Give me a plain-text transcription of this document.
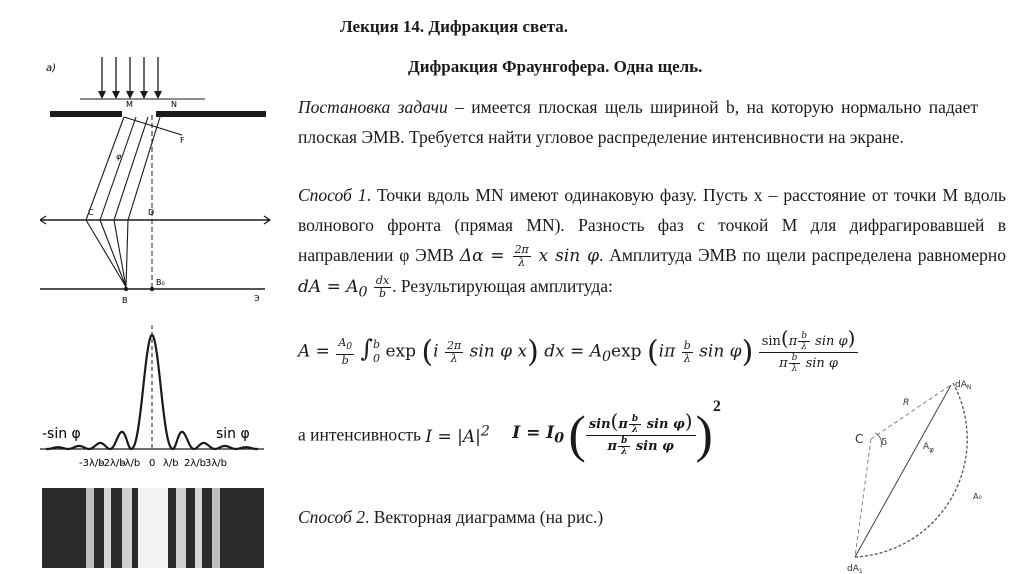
Лекция 14. Дифракция света.
Дифракция Фраунгофера. Одна щель.
Постановка задачи – имеется плоская щель шириной b, на которую нормально падает плоская ЭМВ. Требуется найти угловое распределение интенсивности на экране.
Способ 1. Точки вдоль MN имеют одинаковую фазу. Пусть x – расстояние от точки M вдоль волнового фронта (прямая MN). Разность фаз с точкой M для дифрагировавшей в направлении φ ЭМВ $\Delta\alpha = \frac{2\pi}{\lambda}$ x sin φ. Амплитуда ЭМВ по щели распределена равномерно dA = $A_0 \frac{dx}{b}$ . Результирующая амплитуда:
$A = \frac{A_0}{b}$ ∫ b
0 $\exp (i \frac{2\pi}{\lambda}$ sin φ x) dx = $A_0\exp$ ($i\pi \frac{b}{\lambda}$ sin φ) $\sin(\pi \frac{b}{\lambda}$ sin φ)
π $\frac{b}{\lambda}$ sin φ
а интенсивность $I = |A|^2$ $I = I_0$ ( $\sin(\pi \frac{b}{\lambda}$ sin φ)
π $\frac{b}{\lambda}$ sin φ )$^2$
Способ 2. Векторная диаграмма (на рис.)
а)
M	N
F
φ
C	D
B
B₀
Э
-sin φ	sin φ
-3λ/b
-2λ/b
-λ/b 0 λ/b 2λ/b 3λ/b
$dA_N$
R
C δ	$A_\varphi$
A₀
$dA_1$
